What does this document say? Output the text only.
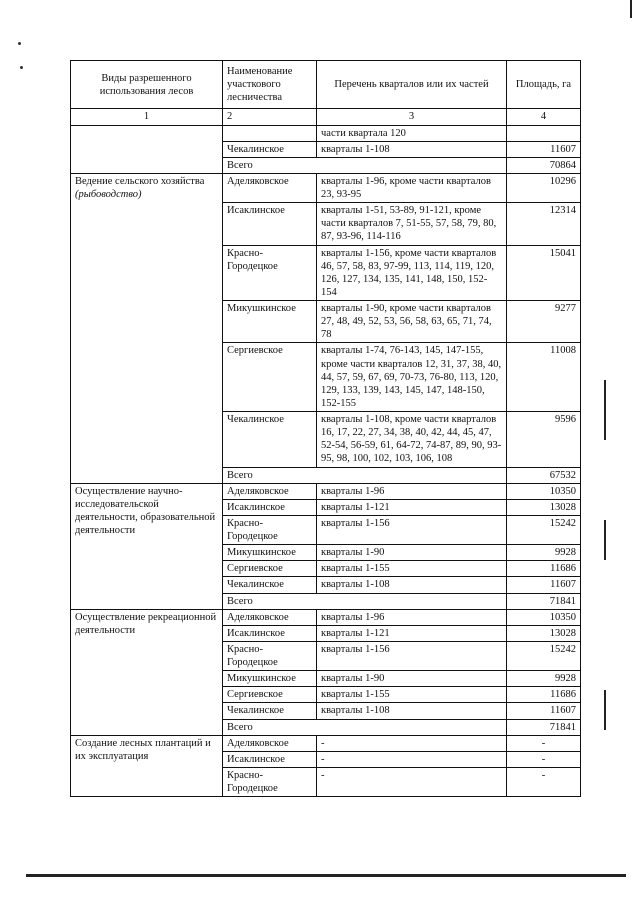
Виды разрешенного использования лесов	Наименование участкового лесничества	Перечень кварталов или их частей	Площадь, га
1	2	3	4
		части квартала 120	
	Чекалинское	кварталы 1-108	11607
	Всего		70864
Ведение сельского хозяйства (рыбоводство)	Аделяковское	кварталы 1-96, кроме части кварталов 23, 93-95	10296
	Исаклинское	кварталы 1-51, 53-89, 91-121, кроме части кварталов 7, 51-55, 57, 58, 79, 80, 87, 93-96, 114-116	12314
	Красно-Городецкое	кварталы 1-156, кроме части кварталов 46, 57, 58, 83, 97-99, 113, 114, 119, 120, 126, 127, 134, 135, 141, 148, 150, 152-154	15041
	Микушкинское	кварталы 1-90, кроме части кварталов 27, 48, 49, 52, 53, 56, 58, 63, 65, 71, 74, 78	9277
	Сергиевское	кварталы 1-74, 76-143, 145, 147-155, кроме части кварталов 12, 31, 37, 38, 40, 44, 57, 59, 67, 69, 70-73, 76-80, 113, 120, 129, 133, 139, 143, 145, 147, 148-150, 152-155	11008
	Чекалинское	кварталы 1-108, кроме части кварталов 16, 17, 22, 27, 34, 38, 40, 42, 44, 45, 47, 52-54, 56-59, 61, 64-72, 74-87, 89, 90, 93-95, 98, 100, 102, 103, 106, 108	9596
	Всего		67532
Осуществление научно-исследовательской деятельности, образовательной деятельности	Аделяковское	кварталы 1-96	10350
	Исаклинское	кварталы 1-121	13028
	Красно-Городецкое	кварталы 1-156	15242
	Микушкинское	кварталы 1-90	9928
	Сергиевское	кварталы 1-155	11686
	Чекалинское	кварталы 1-108	11607
	Всего		71841
Осуществление рекреационной деятельности	Аделяковское	кварталы 1-96	10350
	Исаклинское	кварталы 1-121	13028
	Красно-Городецкое	кварталы 1-156	15242
	Микушкинское	кварталы 1-90	9928
	Сергиевское	кварталы 1-155	11686
	Чекалинское	кварталы 1-108	11607
	Всего		71841
Создание лесных плантаций и их эксплуатация	Аделяковское	-	-
	Исаклинское	-	-
	Красно-Городецкое	-	-
